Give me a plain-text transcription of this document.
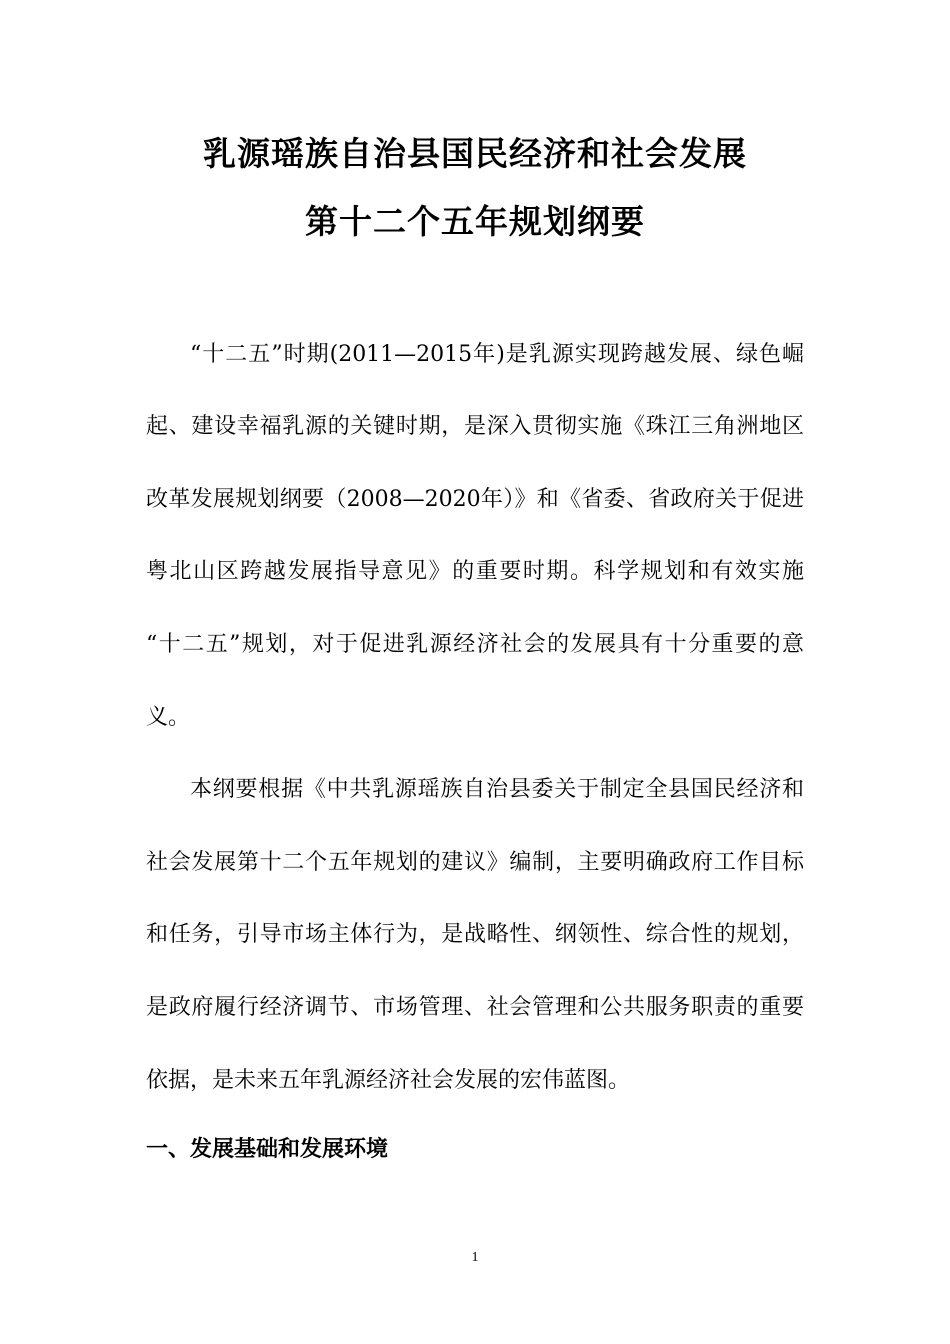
乳源瑶族自治县国民经济和社会发展
第十二个五年规划纲要
“十二五”时期(2011—2015年)是乳源实现跨越发展、绿色崛
起、建设幸福乳源的关键时期，是深入贯彻实施《珠江三角洲地区
改革发展规划纲要（2008—2020年）》和《省委、省政府关于促进
粤北山区跨越发展指导意见》的重要时期。科学规划和有效实施
“十二五”规划，对于促进乳源经济社会的发展具有十分重要的意
义。
本纲要根据《中共乳源瑶族自治县委关于制定全县国民经济和
社会发展第十二个五年规划的建议》编制，主要明确政府工作目标
和任务，引导市场主体行为，是战略性、纲领性、综合性的规划，
是政府履行经济调节、市场管理、社会管理和公共服务职责的重要
依据，是未来五年乳源经济社会发展的宏伟蓝图。
一、发展基础和发展环境
1
